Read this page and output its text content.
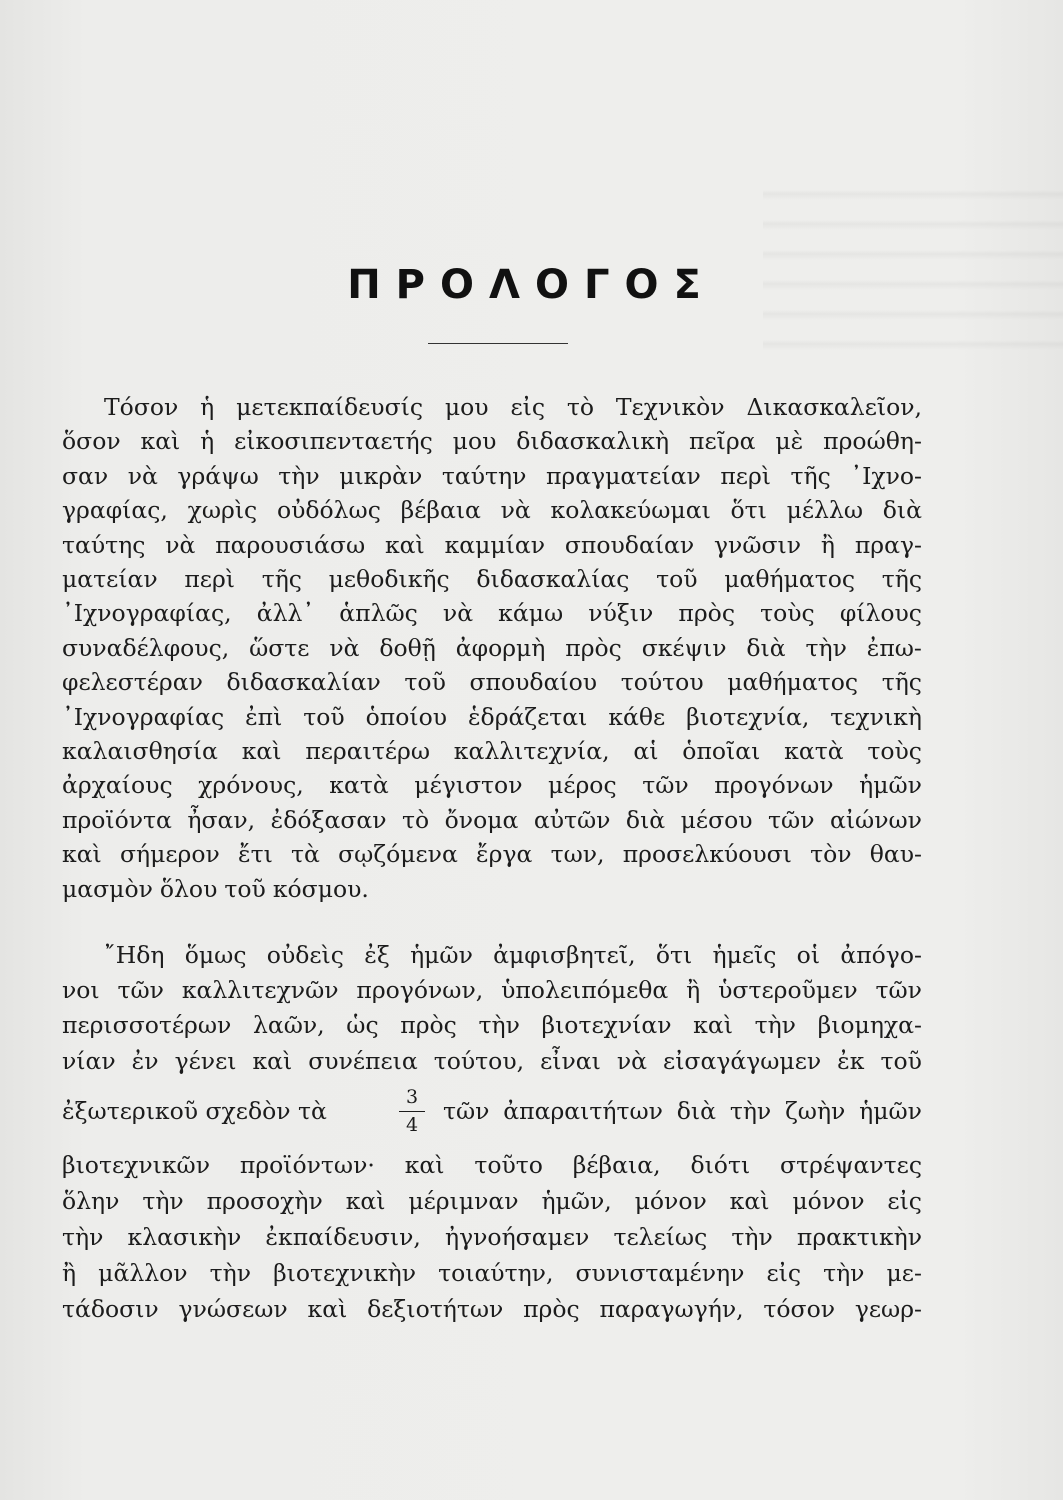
ΠΡΟΛΟΓΟΣ
Τόσον ἡ μετεκπαίδευσίς μου εἰς τὸ Τεχνικὸν Δικασκαλεῖον,
ὅσον καὶ ἡ εἰκοσιπενταετής μου διδασκαλικὴ πεῖρα μὲ προώθη-
σαν νὰ γράψω τὴν μικρὰν ταύτην πραγματείαν περὶ τῆς ᾿Ιχνο-
γραφίας, χωρὶς οὐδόλως βέβαια νὰ κολακεύωμαι ὅτι μέλλω διὰ
ταύτης νὰ παρουσιάσω καὶ καμμίαν σπουδαίαν γνῶσιν ἢ πραγ-
ματείαν περὶ τῆς μεθοδικῆς διδασκαλίας τοῦ μαθήματος τῆς
᾿Ιχνογραφίας, ἀλλ᾿ ἁπλῶς νὰ κάμω νύξιν πρὸς τοὺς φίλους
συναδέλφους, ὥστε νὰ δοθῇ ἀφορμὴ πρὸς σκέψιν διὰ τὴν ἐπω-
φελεστέραν διδασκαλίαν τοῦ σπουδαίου τούτου μαθήματος τῆς
᾿Ιχνογραφίας ἐπὶ τοῦ ὁποίου ἑδράζεται κάθε βιοτεχνία, τεχνικὴ
καλαισθησία καὶ περαιτέρω καλλιτεχνία, αἱ ὁποῖαι κατὰ τοὺς
ἀρχαίους χρόνους, κατὰ μέγιστον μέρος τῶν προγόνων ἡμῶν
προϊόντα ἦσαν, ἐδόξασαν τὸ ὄνομα αὐτῶν διὰ μέσου τῶν αἰώνων
καὶ σήμερον ἔτι τὰ σῳζόμενα ἔργα των, προσελκύουσι τὸν θαυ-
μασμὸν ὅλου τοῦ κόσμου.
῎Ηδη ὅμως οὐδεὶς ἐξ ἡμῶν ἀμφισβητεῖ, ὅτι ἡμεῖς οἱ ἀπόγο-
νοι τῶν καλλιτεχνῶν προγόνων, ὑπολειπόμεθα ἢ ὑστεροῦμεν τῶν
περισσοτέρων λαῶν, ὡς πρὸς τὴν βιοτεχνίαν καὶ τὴν βιομηχα-
νίαν ἐν γένει καὶ συνέπεια τούτου, εἶναι νὰ εἰσαγάγωμεν ἐκ τοῦ
ἐξωτερικοῦ σχεδὸν τὰ	3
4	τῶν ἀπαραιτήτων διὰ τὴν ζωὴν ἡμῶν
βιοτεχνικῶν προϊόντων· καὶ τοῦτο βέβαια, διότι στρέψαντες
ὅλην τὴν προσοχὴν καὶ μέριμναν ἡμῶν, μόνον καὶ μόνον εἰς
τὴν κλασικὴν ἐκπαίδευσιν, ἠγνοήσαμεν τελείως τὴν πρακτικὴν
ἢ μᾶλλον τὴν βιοτεχνικὴν τοιαύτην, συνισταμένην εἰς τὴν με-
τάδοσιν γνώσεων καὶ δεξιοτήτων πρὸς παραγωγήν, τόσον γεωρ-
